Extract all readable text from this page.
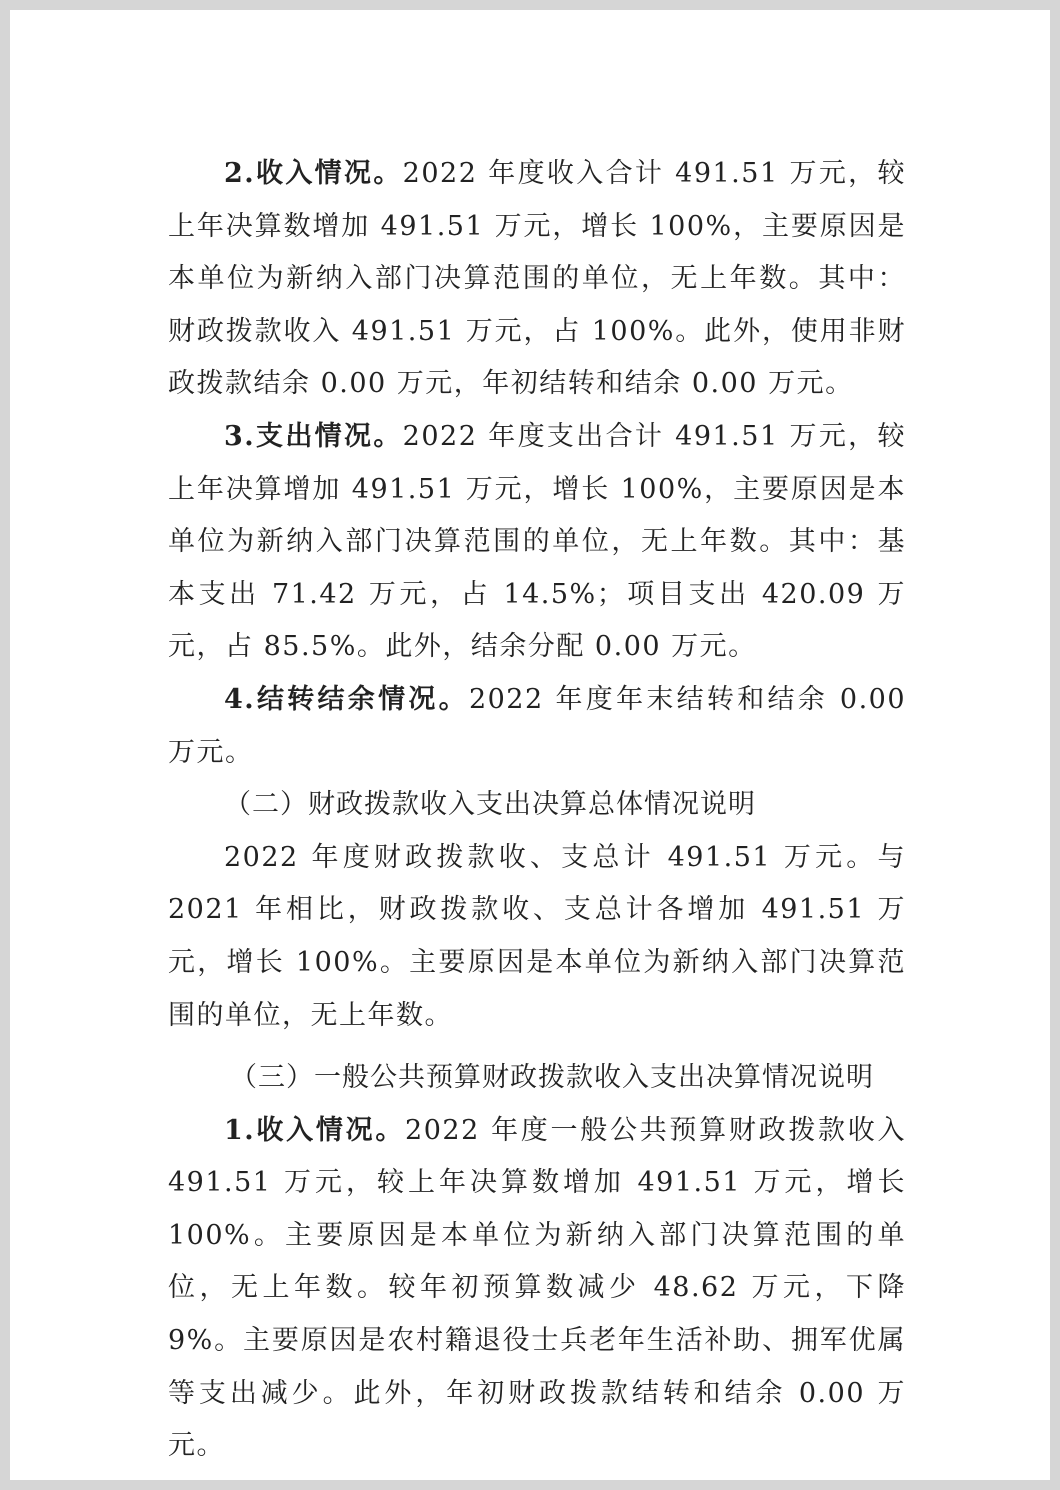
2.收入情况。2022 年度收入合计 491.51 万元，较上年决算数增加 491.51 万元，增长 100%，主要原因是本单位为新纳入部门决算范围的单位，无上年数。其中：财政拨款收入 491.51 万元，占 100%。此外，使用非财政拨款结余 0.00 万元，年初结转和结余 0.00 万元。

3.支出情况。2022 年度支出合计 491.51 万元，较上年决算增加 491.51 万元，增长 100%，主要原因是本单位为新纳入部门决算范围的单位，无上年数。其中：基本支出 71.42 万元，占 14.5%；项目支出 420.09 万元，占 85.5%。此外，结余分配 0.00 万元。

4.结转结余情况。2022 年度年末结转和结余 0.00 万元。

（二）财政拨款收入支出决算总体情况说明

2022 年度财政拨款收、支总计 491.51 万元。与 2021 年相比，财政拨款收、支总计各增加 491.51 万元，增长 100%。主要原因是本单位为新纳入部门决算范围的单位，无上年数。

（三）一般公共预算财政拨款收入支出决算情况说明

1.收入情况。2022 年度一般公共预算财政拨款收入 491.51 万元，较上年决算数增加 491.51 万元，增长 100%。主要原因是本单位为新纳入部门决算范围的单位，无上年数。较年初预算数减少 48.62 万元，下降 9%。主要原因是农村籍退役士兵老年生活补助、拥军优属等支出减少。此外，年初财政拨款结转和结余 0.00 万元。
